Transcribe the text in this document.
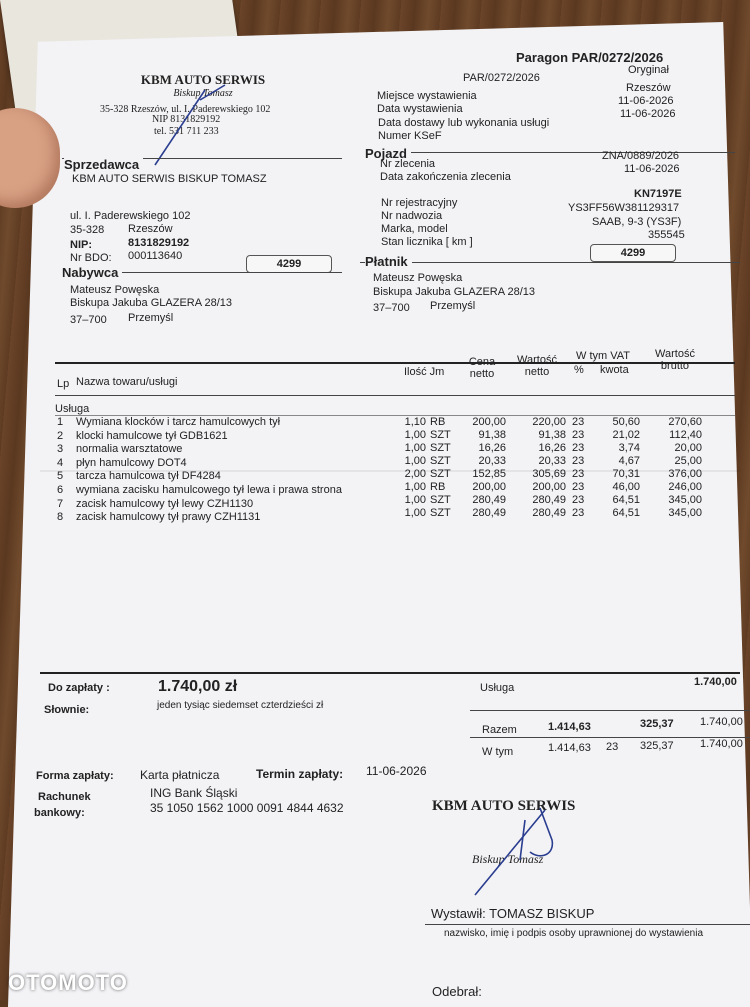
Paragon PAR/0272/2026
Oryginał
PAR/0272/2026
Miejsce wystawienia
Rzeszów
Data wystawienia
11-06-2026
Data dostawy lub wykonania usługi
11-06-2026
Numer KSeF
KBM AUTO SERWIS
Biskup Tomasz
35-328 Rzeszów, ul. I. Paderewskiego 102
NIP 8131829192
tel. 531 711 233
Sprzedawca
KBM AUTO SERWIS BISKUP TOMASZ
ul. I. Paderewskiego 102
35-328 Rzeszów
NIP:	8131829192
Nr BDO: 000113640
4299
Pojazd
Nr zlecenia
ZNA/0889/2026
Data zakończenia zlecenia
11-06-2026
Nr rejestracyjny
KN7197E
Nr nadwozia
YS3FF56W381129317
Marka, model
SAAB, 9-3 (YS3F)
Stan licznika [ km ]
355545
4299
Nabywca
Mateusz Powęska
Biskupa Jakuba GLAZERA 28/13
37–700 Przemyśl
Płatnik
Mateusz Powęska
Biskupa Jakuba GLAZERA 28/13
37–700 Przemyśl
Lp Nazwa towaru/usługi
Ilość Jm
Cena netto
Wartość netto
W tym VAT
% kwota
Wartość brutto
Usługa
1	Wymiana klocków i tarcz hamulcowych tył	1,10 RB	200,00	220,00 23	50,60	270,60
2	klocki hamulcowe tył GDB1621	1,00 SZT	91,38	91,38 23	21,02	112,40
3	normalia warsztatowe	1,00 SZT	16,26	16,26 23	3,74	20,00
4	płyn hamulcowy DOT4	1,00 SZT	20,33	20,33 23	4,67	25,00
5	tarcza hamulcowa tył DF4284	2,00 SZT	152,85	305,69 23	70,31	376,00
6	wymiana zacisku hamulcowego tył lewa i prawa strona	1,00 RB	200,00	200,00 23	46,00	246,00
7	zacisk hamulcowy tył lewy CZH1130	1,00 SZT	280,49	280,49 23	64,51	345,00
8	zacisk hamulcowy tył prawy CZH1131	1,00 SZT	280,49	280,49 23	64,51	345,00
Do zapłaty :	1.740,00 zł
Słownie:	jeden tysiąc siedemset czterdzieści zł
Usługa	1.740,00
Razem	1.414,63	325,37 1.740,00
W tym	1.414,63 23 325,37 1.740,00
Forma zapłaty: Karta płatnicza	Termin zapłaty: 11-06-2026
Rachunek
bankowy:
ING Bank Śląski
35 1050 1562 1000 0091 4844 4632	KBM AUTO SERWIS
Biskup Tomasz
Wystawił: TOMASZ BISKUP
nazwisko, imię i podpis osoby uprawnionej do wystawienia
Odebrał:
OTOMOTO
